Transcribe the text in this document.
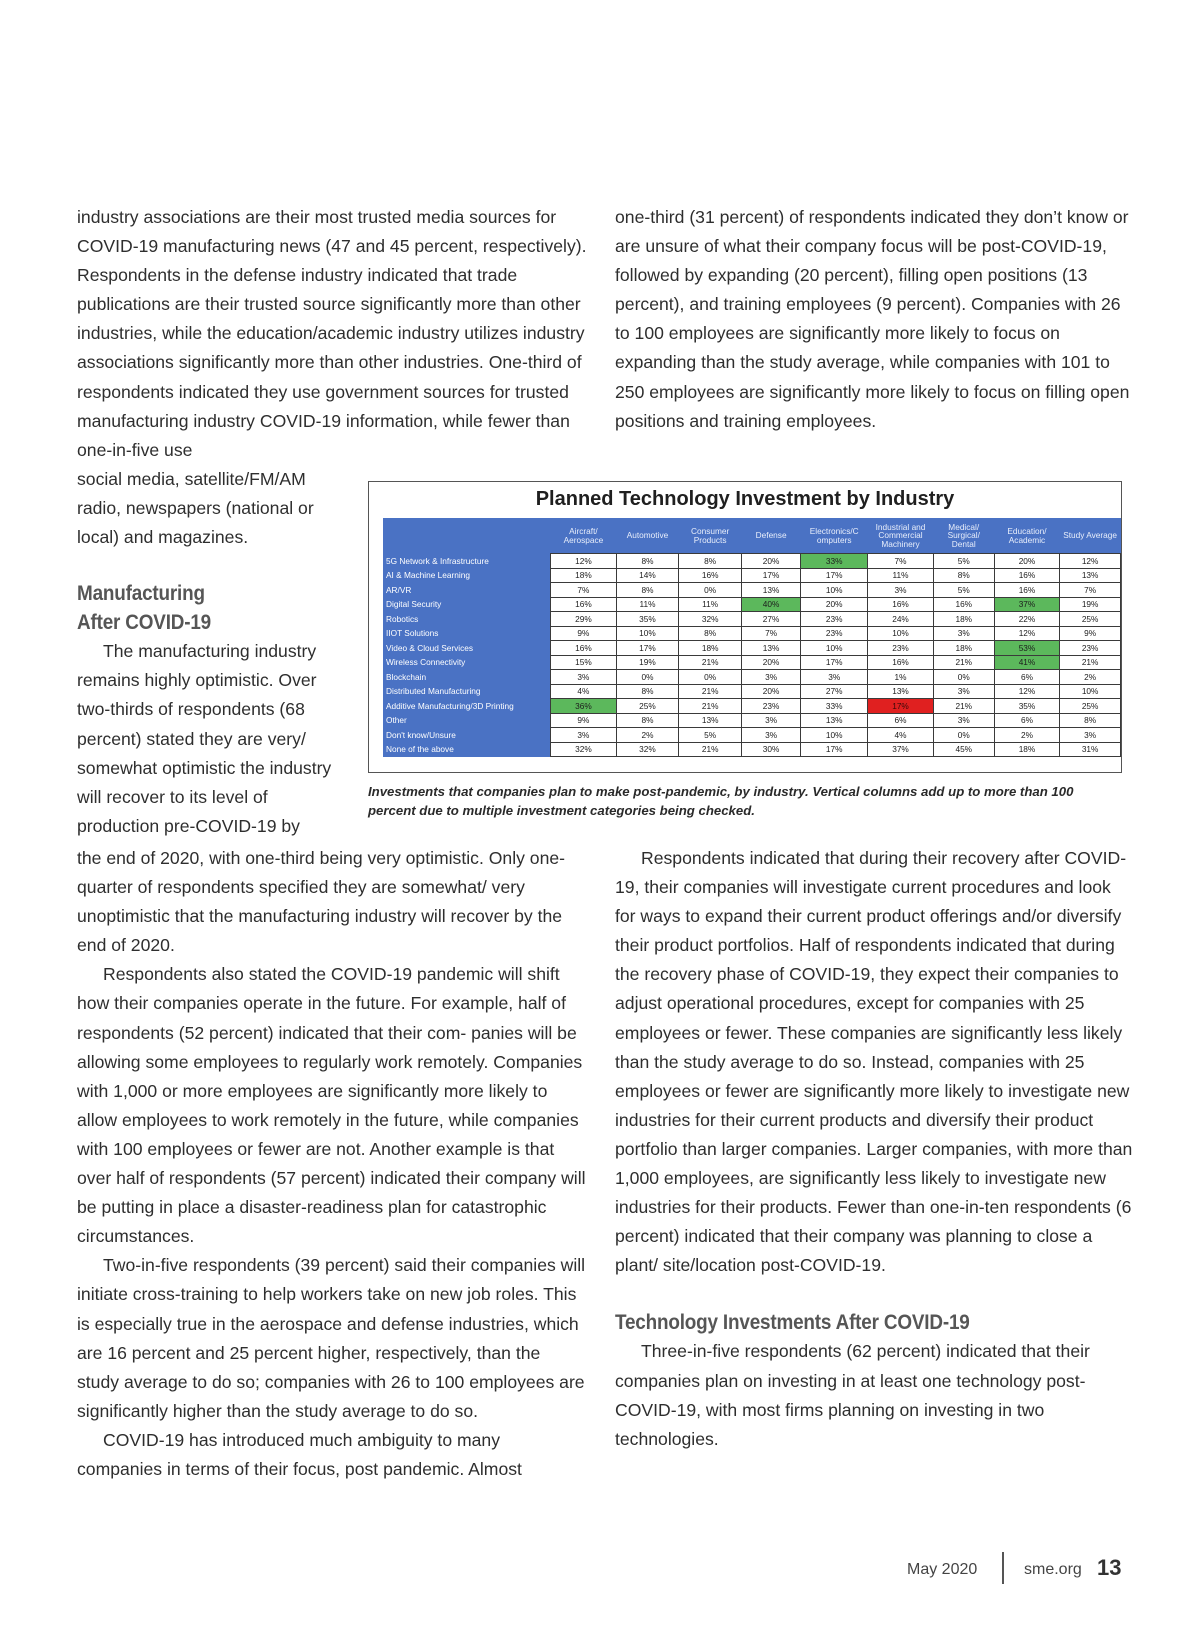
industry associations are their most trusted media sources for COVID-19 manufacturing news (47 and 45 percent, respectively). Respondents in the defense industry indicated that trade publications are their trusted source significantly more than other industries, while the education/academic industry utilizes industry associations significantly more than other industries. One-third of respondents indicated they use government sources for trusted manufacturing industry COVID-19 information, while fewer than one-in-five use

social media, satellite/FM/AM radio, newspapers (national or local) and magazines.

Manufacturing After COVID-19

The manufacturing industry remains highly optimistic. Over two-thirds of respondents (68 percent) stated they are very/ somewhat optimistic the industry will recover to its level of production pre-COVID-19 by

the end of 2020, with one-third being very optimistic. Only one-quarter of respondents specified they are somewhat/ very unoptimistic that the manufacturing industry will recover by the end of 2020.

Respondents also stated the COVID-19 pandemic will shift how their companies operate in the future. For example, half of respondents (52 percent) indicated that their com- panies will be allowing some employees to regularly work remotely. Companies with 1,000 or more employees are significantly more likely to allow employees to work remotely in the future, while companies with 100 employees or fewer are not. Another example is that over half of respondents (57 percent) indicated their company will be putting in place a disaster-readiness plan for catastrophic circumstances.

Two-in-five respondents (39 percent) said their companies will initiate cross-training to help workers take on new job roles. This is especially true in the aerospace and defense industries, which are 16 percent and 25 percent higher, respectively, than the study average to do so; companies with 26 to 100 employees are significantly higher than the study average to do so.

COVID-19 has introduced much ambiguity to many companies in terms of their focus, post pandemic. Almost

one-third (31 percent) of respondents indicated they don’t know or are unsure of what their company focus will be post-COVID-19, followed by expanding (20 percent), filling open positions (13 percent), and training employees (9 percent). Companies with 26 to 100 employees are significantly more likely to focus on expanding than the study average, while companies with 101 to 250 employees are significantly more likely to focus on filling open positions and training employees.

Planned Technology Investment by Industry
	Aircraft/ Aerospace	Automotive	Consumer Products	Defense	Electronics/C omputers	Industrial and Commercial Machinery	Medical/ Surgical/ Dental	Education/ Academic	Study Average
5G Network & Infrastructure	12%	8%	8%	20%	33%	7%	5%	20%	12%
AI & Machine Learning	18%	14%	16%	17%	17%	11%	8%	16%	13%
AR/VR	7%	8%	0%	13%	10%	3%	5%	16%	7%
Digital Security	16%	11%	11%	40%	20%	16%	16%	37%	19%
Robotics	29%	35%	32%	27%	23%	24%	18%	22%	25%
IIOT Solutions	9%	10%	8%	7%	23%	10%	3%	12%	9%
Video & Cloud Services	16%	17%	18%	13%	10%	23%	18%	53%	23%
Wireless Connectivity	15%	19%	21%	20%	17%	16%	21%	41%	21%
Blockchain	3%	0%	0%	3%	3%	1%	0%	6%	2%
Distributed Manufacturing	4%	8%	21%	20%	27%	13%	3%	12%	10%
Additive Manufacturing/3D Printing	36%	25%	21%	23%	33%	17%	21%	35%	25%
Other	9%	8%	13%	3%	13%	6%	3%	6%	8%
Don't know/Unsure	3%	2%	5%	3%	10%	4%	0%	2%	3%
None of the above	32%	32%	21%	30%	17%	37%	45%	18%	31%
Investments that companies plan to make post-pandemic, by industry. Vertical columns add up to more than 100 percent due to multiple investment categories being checked.

Respondents indicated that during their recovery after COVID-19, their companies will investigate current procedures and look for ways to expand their current product offerings and/or diversify their product portfolios. Half of respondents indicated that during the recovery phase of COVID-19, they expect their companies to adjust operational procedures, except for companies with 25 employees or fewer. These companies are significantly less likely than the study average to do so. Instead, companies with 25 employees or fewer are significantly more likely to investigate new industries for their current products and diversify their product portfolio than larger companies. Larger companies, with more than 1,000 employees, are significantly less likely to investigate new industries for their products. Fewer than one-in-ten respondents (6 percent) indicated that their company was planning to close a plant/ site/location post-COVID-19.

Technology Investments After COVID-19

Three-in-five respondents (62 percent) indicated that their companies plan on investing in at least one technology post-COVID-19, with most firms planning on investing in two technologies.

May 2020	sme.org 13
